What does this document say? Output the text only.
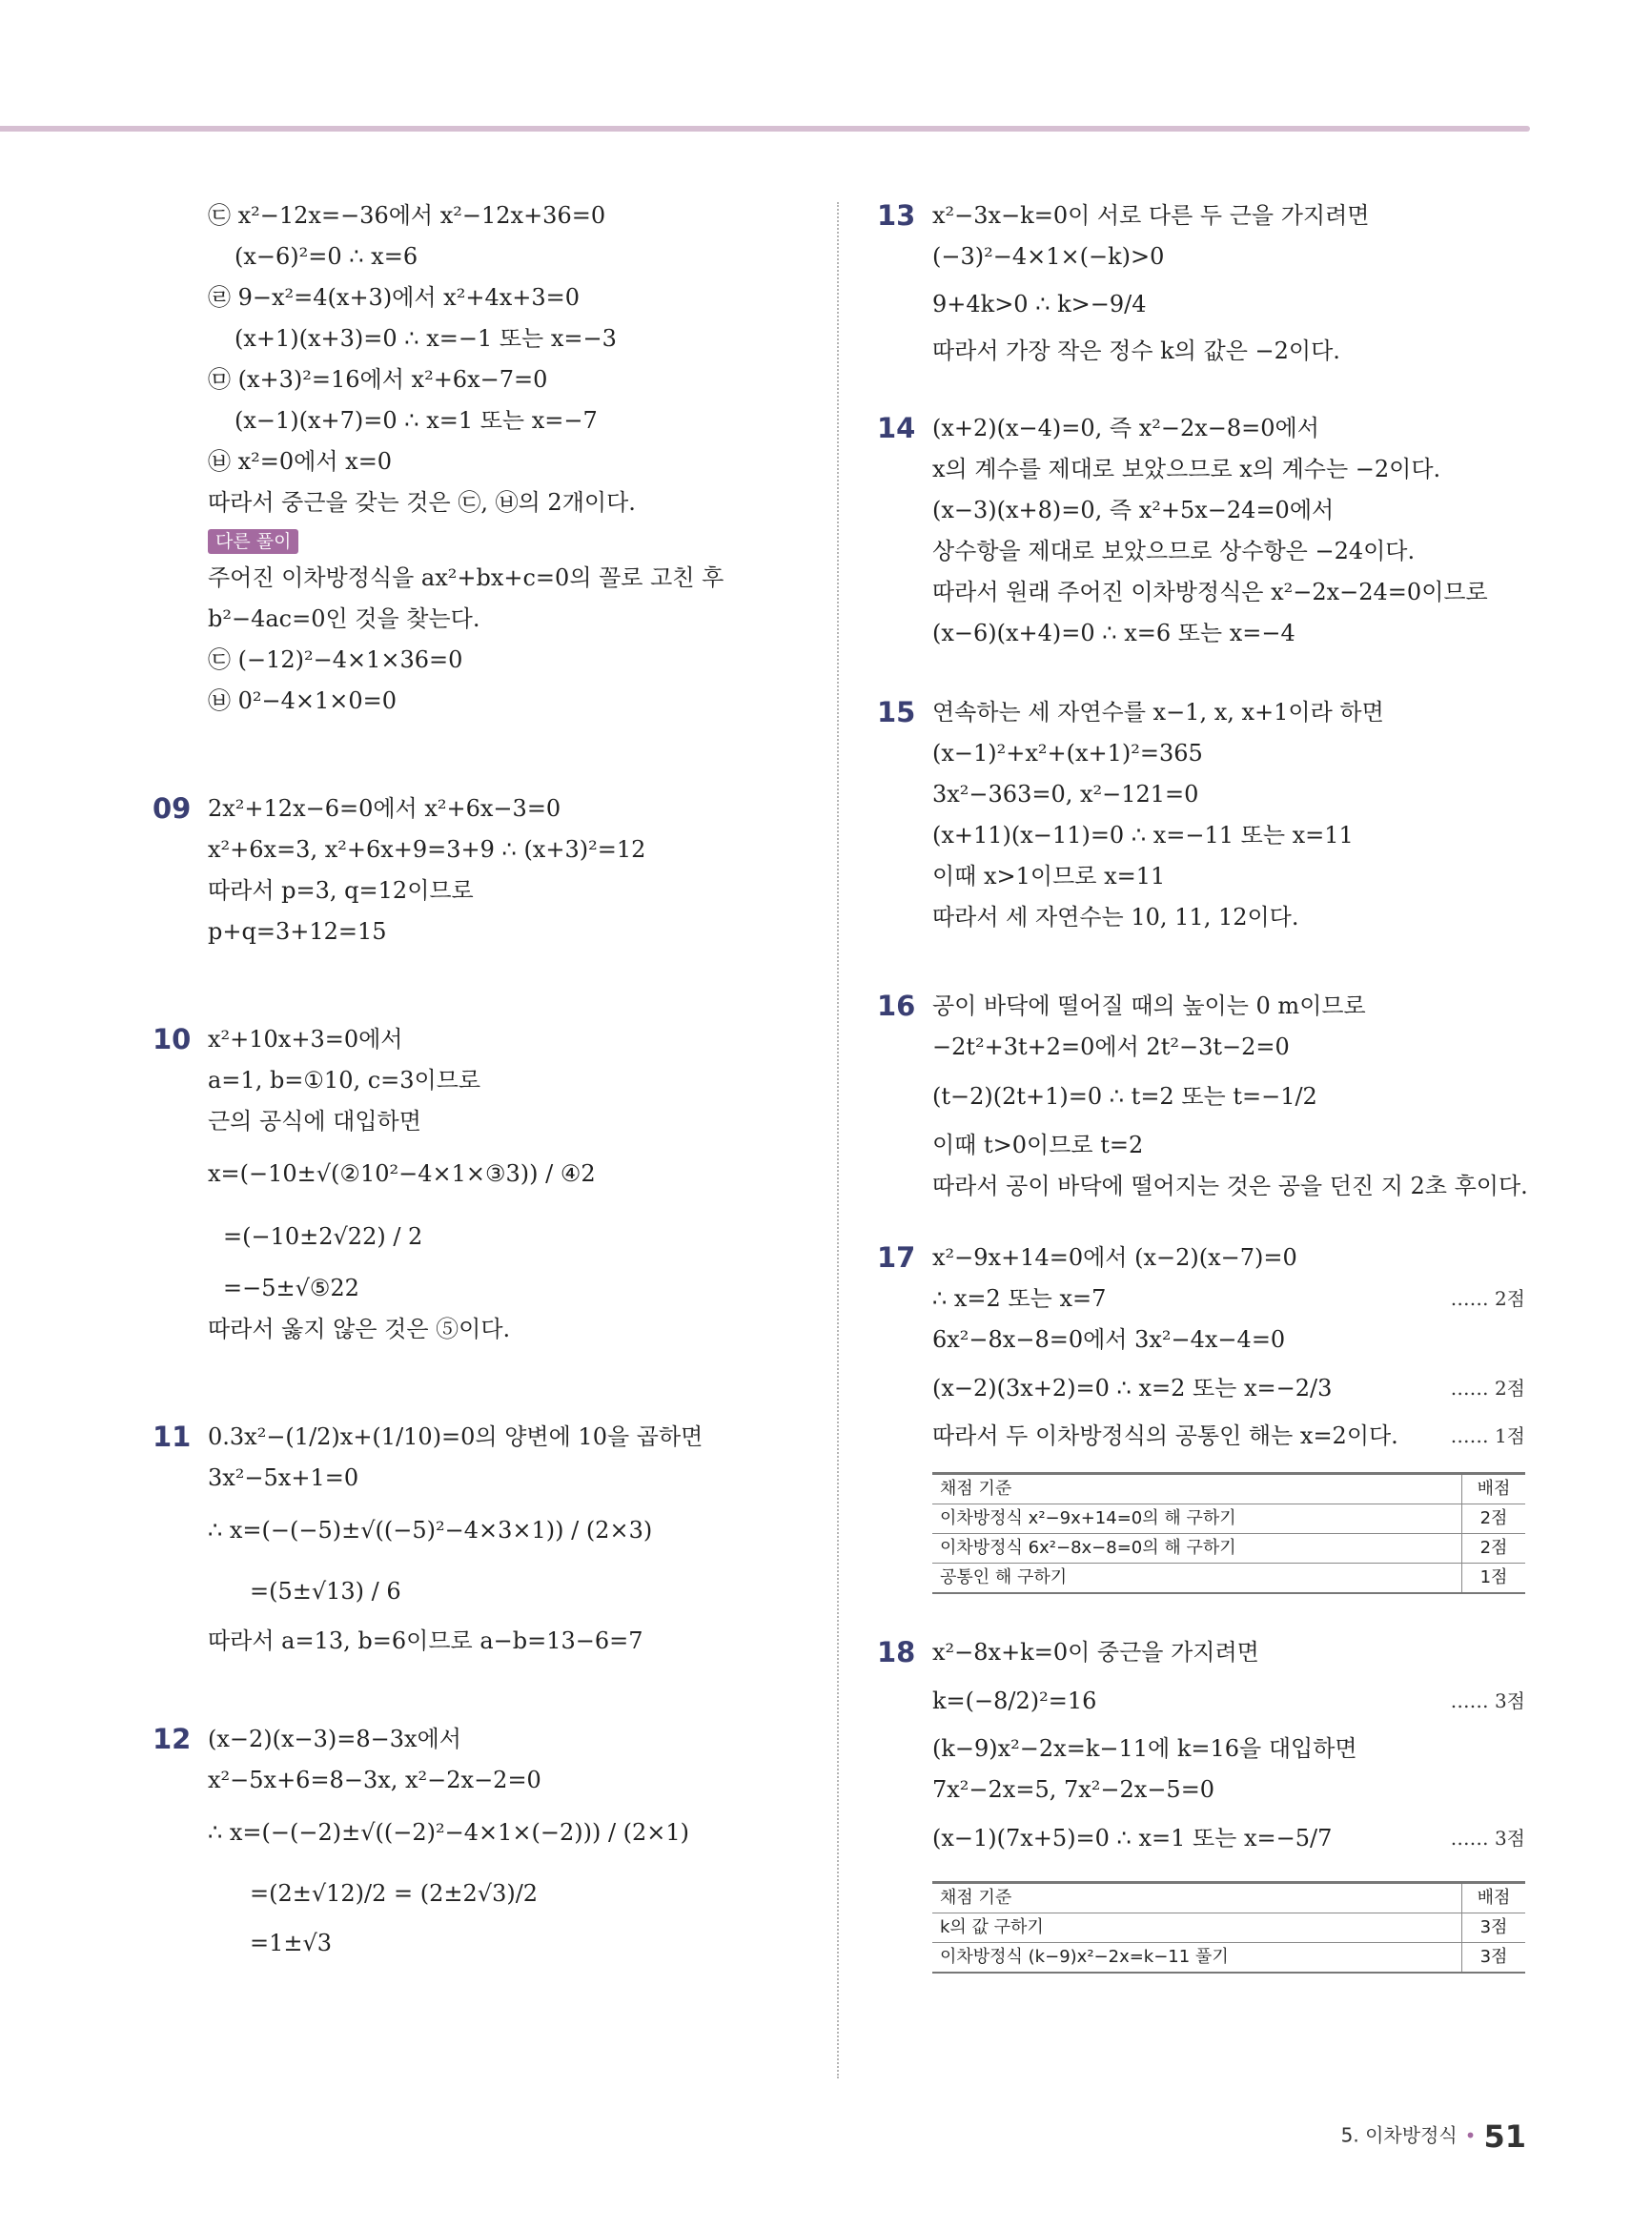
㉢ x²−12x=−36에서 x²−12x+36=0
(x−6)²=0 ∴ x=6
㉣ 9−x²=4(x+3)에서 x²+4x+3=0
(x+1)(x+3)=0 ∴ x=−1 또는 x=−3
㉤ (x+3)²=16에서 x²+6x−7=0
(x−1)(x+7)=0 ∴ x=1 또는 x=−7
㉥ x²=0에서 x=0
따라서 중근을 갖는 것은 ㉢, ㉥의 2개이다.
다른 풀이
주어진 이차방정식을 ax²+bx+c=0의 꼴로 고친 후
b²−4ac=0인 것을 찾는다.
㉢ (−12)²−4×1×36=0
㉥ 0²−4×1×0=0
09 2x²+12x−6=0에서 x²+6x−3=0
x²+6x=3, x²+6x+9=3+9 ∴ (x+3)²=12
따라서 p=3, q=12이므로
p+q=3+12=15
10 x²+10x+3=0에서
a=1, b=①10, c=3이므로
근의 공식에 대입하면
x=(−10±√(②10²−4×1×③3)) / ④2
=(−10±2√22) / 2
=−5±√⑤22
따라서 옳지 않은 것은 ⑤이다.
11 0.3x²−(1/2)x+(1/10)=0의 양변에 10을 곱하면
3x²−5x+1=0
∴ x=(−(−5)±√((−5)²−4×3×1)) / (2×3)
=(5±√13) / 6
따라서 a=13, b=6이므로 a−b=13−6=7
12 (x−2)(x−3)=8−3x에서
x²−5x+6=8−3x, x²−2x−2=0
∴ x=(−(−2)±√((−2)²−4×1×(−2))) / (2×1)
=(2±√12)/2 = (2±2√3)/2
=1±√3
13 x²−3x−k=0이 서로 다른 두 근을 가지려면
(−3)²−4×1×(−k)>0
9+4k>0 ∴ k>−9/4
따라서 가장 작은 정수 k의 값은 −2이다.
14 (x+2)(x−4)=0, 즉 x²−2x−8=0에서
x의 계수를 제대로 보았으므로 x의 계수는 −2이다.
(x−3)(x+8)=0, 즉 x²+5x−24=0에서
상수항을 제대로 보았으므로 상수항은 −24이다.
따라서 원래 주어진 이차방정식은 x²−2x−24=0이므로
(x−6)(x+4)=0 ∴ x=6 또는 x=−4
15 연속하는 세 자연수를 x−1, x, x+1이라 하면
(x−1)²+x²+(x+1)²=365
3x²−363=0, x²−121=0
(x+11)(x−11)=0 ∴ x=−11 또는 x=11
이때 x>1이므로 x=11
따라서 세 자연수는 10, 11, 12이다.
16 공이 바닥에 떨어질 때의 높이는 0 m이므로
−2t²+3t+2=0에서 2t²−3t−2=0
(t−2)(2t+1)=0 ∴ t=2 또는 t=−1/2
이때 t>0이므로 t=2
따라서 공이 바닥에 떨어지는 것은 공을 던진 지 2초 후이다.
17 x²−9x+14=0에서 (x−2)(x−7)=0
∴ x=2 또는 x=7	…… 2점
6x²−8x−8=0에서 3x²−4x−4=0
(x−2)(3x+2)=0 ∴ x=2 또는 x=−2/3	…… 2점
따라서 두 이차방정식의 공통인 해는 x=2이다.	…… 1점
채점 기준	배점
이차방정식 x²−9x+14=0의 해 구하기	2점
이차방정식 6x²−8x−8=0의 해 구하기	2점
공통인 해 구하기	1점
18 x²−8x+k=0이 중근을 가지려면
k=(−8/2)²=16	…… 3점
(k−9)x²−2x=k−11에 k=16을 대입하면
7x²−2x=5, 7x²−2x−5=0
(x−1)(7x+5)=0 ∴ x=1 또는 x=−5/7	…… 3점
채점 기준	배점
k의 값 구하기	3점
이차방정식 (k−9)x²−2x=k−11 풀기	3점
5. 이차방정식 • 51
